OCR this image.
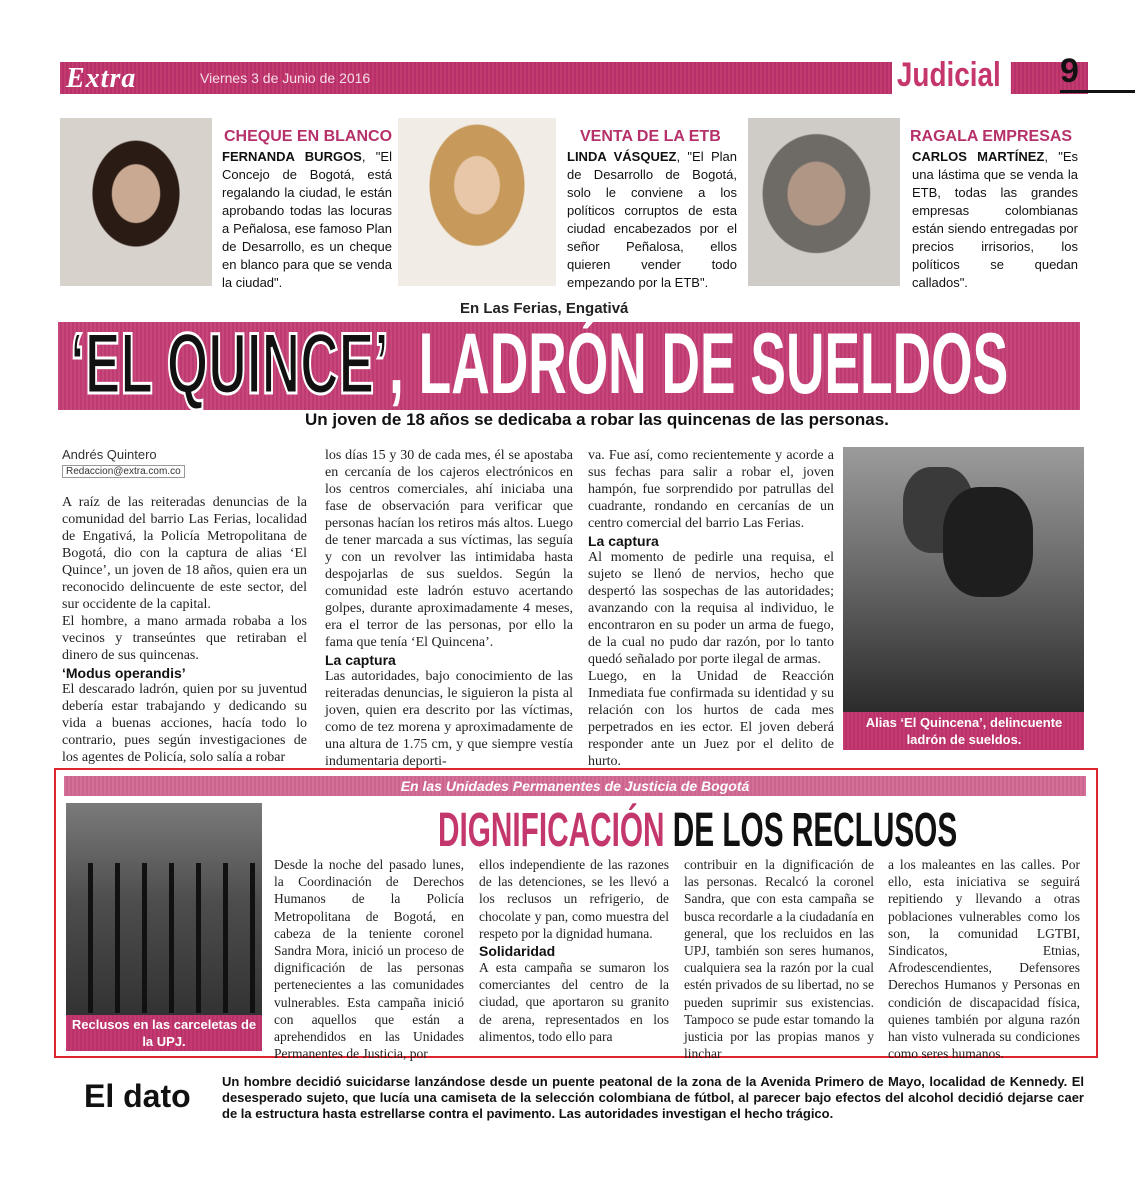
Extra	Viernes 3 de Junio de 2016	Judicial 9
CHEQUE EN BLANCO
FERNANDA BURGOS, "El Concejo de Bogotá, está regalando la ciudad, le están aprobando todas las locuras a Peñalosa, ese famoso Plan de Desarrollo, es un cheque en blanco para que se venda la ciudad".
VENTA DE LA ETB
LINDA VÁSQUEZ, "El Plan de Desarrollo de Bogotá, solo le conviene a los políticos corruptos de esta ciudad encabezados por el señor Peñalosa, ellos quieren vender todo empezando por la ETB".
RAGALA EMPRESAS
CARLOS MARTÍNEZ, "Es una lástima que se venda la ETB, todas las grandes empresas colombianas están siendo entregadas por precios irrisorios, los políticos se quedan callados".
En Las Ferias, Engativá
‘EL QUINCE’, LADRÓN DE SUELDOS
Un joven de 18 años se dedicaba a robar las quincenas de las personas.
Andrés Quintero
Redaccion@extra.com.co
A raíz de las reiteradas denuncias de la comunidad del barrio Las Ferias, localidad de Engativá, la Policía Metropolitana de Bogotá, dio con la captura de alias ‘El Quince’, un joven de 18 años, quien era un reconocido delincuente de este sector, del sur occidente de la capital.
El hombre, a mano armada robaba a los vecinos y transeúntes que retiraban el dinero de sus quincenas.
‘Modus operandis’
El descarado ladrón, quien por su juventud debería estar trabajando y dedicando su vida a buenas acciones, hacía todo lo contrario, pues según investigaciones de los agentes de Policía, solo salía a robar
los días 15 y 30 de cada mes, él se apostaba en cercanía de los cajeros electrónicos en los centros comerciales, ahí iniciaba una fase de observación para verificar que personas hacían los retiros más altos. Luego de tener marcada a sus víctimas, las seguía y con un revolver las intimidaba hasta despojarlas de sus sueldos. Según la comunidad este ladrón estuvo acertando golpes, durante aproximadamente 4 meses, era el terror de las personas, por ello la fama que tenía ‘El Quincena’.
La captura
Las autoridades, bajo conocimiento de las reiteradas denuncias, le siguieron la pista al joven, quien era descrito por las víctimas, como de tez morena y aproximadamente de una altura de 1.75 cm, y que siempre vestía indumentaria deporti-
va. Fue así, como recientemente y acorde a sus fechas para salir a robar el, joven hampón, fue sorprendido por patrullas del cuadrante, rondando en cercanías de un centro comercial del barrio Las Ferias.
La captura
Al momento de pedirle una requisa, el sujeto se llenó de nervios, hecho que despertó las sospechas de las autoridades; avanzando con la requisa al individuo, le encontraron en su poder un arma de fuego, de la cual no pudo dar razón, por lo tanto quedó señalado por porte ilegal de armas.
Luego, en la Unidad de Reacción Inmediata fue confirmada su identidad y su relación con los hurtos de cada mes perpetrados en ies ector. El joven deberá responder ante un Juez por el delito de hurto.
Alias ‘El Quincena’, delincuente ladrón de sueldos.
En las Unidades Permanentes de Justicia de Bogotá
Reclusos en las carceletas de la UPJ.
DIGNIFICACIÓN DE LOS RECLUSOS
Desde la noche del pasado lunes, la Coordinación de Derechos Humanos de la Policía Metropolitana de Bogotá, en cabeza de la teniente coronel Sandra Mora, inició un proceso de dignificación de las personas pertenecientes a las comunidades vulnerables. Esta campaña inició con aquellos que están a aprehendidos en las Unidades Permanentes de Justicia, por
ellos independiente de las razones de las detenciones, se les llevó a los reclusos un refrigerio, de chocolate y pan, como muestra del respeto por la dignidad humana.
Solidaridad
A esta campaña se sumaron los comerciantes del centro de la ciudad, que aportaron su granito de arena, representados en los alimentos, todo ello para
contribuir en la dignificación de las personas. Recalcó la coronel Sandra, que con esta campaña se busca recordarle a la ciudadanía en general, que los recluidos en las UPJ, también son seres humanos, cualquiera sea la razón por la cual estén privados de su libertad, no se pueden suprimir sus existencias. Tampoco se pude estar tomando la justicia por las propias manos y linchar
a los maleantes en las calles. Por ello, esta iniciativa se seguirá repitiendo y llevando a otras poblaciones vulnerables como los son, la comunidad LGTBI, Sindicatos, Etnias, Afrodescendientes, Defensores Derechos Humanos y Personas en condición de discapacidad física, quienes también por alguna razón han visto vulnerada su condiciones como seres humanos.
El dato Un hombre decidió suicidarse lanzándose desde un puente peatonal de la zona de la Avenida Primero de Mayo, localidad de Kennedy. El desesperado sujeto, que lucía una camiseta de la selección colombiana de fútbol, al parecer bajo efectos del alcohol decidió dejarse caer de la estructura hasta estrellarse contra el pavimento. Las autoridades investigan el hecho trágico.
